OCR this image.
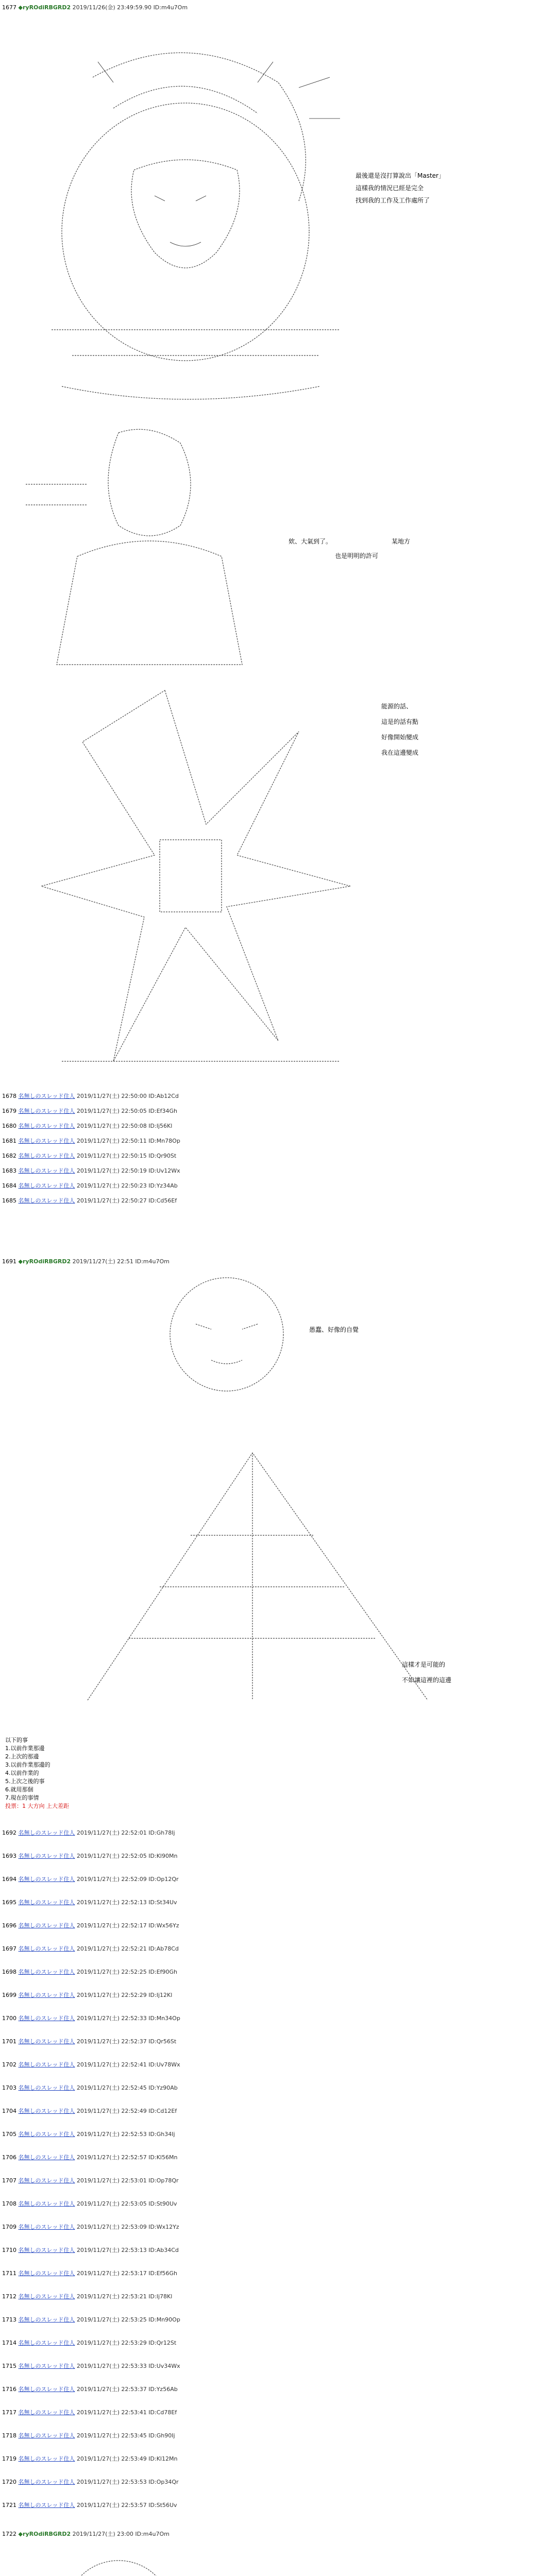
1677 ◆ryROdiRBGRD2 2019/11/26(金) 23:49:59.90 ID:m4u7Om
最後還是沒打算說出「Master」
這樣我的情況已經是完全
找到我的工作及工作處所了
欸、大氣到了。	某地方
也是明明的許可
能源的話、
這是的話有點
好像開始變成
我在這邊變成
1678 名無しのスレッド住人 2019/11/27(土) 22:50:00 ID:Ab12Cd
1679 名無しのスレッド住人 2019/11/27(土) 22:50:05 ID:Ef34Gh
1680 名無しのスレッド住人 2019/11/27(土) 22:50:08 ID:Ij56Kl
1681 名無しのスレッド住人 2019/11/27(土) 22:50:11 ID:Mn78Op
1682 名無しのスレッド住人 2019/11/27(土) 22:50:15 ID:Qr90St
1683 名無しのスレッド住人 2019/11/27(土) 22:50:19 ID:Uv12Wx
1684 名無しのスレッド住人 2019/11/27(土) 22:50:23 ID:Yz34Ab
1685 名無しのスレッド住人 2019/11/27(土) 22:50:27 ID:Cd56Ef
1691 ◆ryROdiRBGRD2 2019/11/27(土) 22:51 ID:m4u7Om
愚蠢、好像的自覺
這樣才是可能的
不如讓這裡的這邊
以下的事
1.以前作業那邊
2.上次的那邊
3.以前作業那邊的
4.以前作業的
5.上次之後的事
6.就用那個
7.現在的事情
投票：1 大方向 上大差距
1692 名無しのスレッド住人 2019/11/27(土) 22:52:01 ID:Gh78Ij
1693 名無しのスレッド住人 2019/11/27(土) 22:52:05 ID:Kl90Mn
1694 名無しのスレッド住人 2019/11/27(土) 22:52:09 ID:Op12Qr
1695 名無しのスレッド住人 2019/11/27(土) 22:52:13 ID:St34Uv
1696 名無しのスレッド住人 2019/11/27(土) 22:52:17 ID:Wx56Yz
1697 名無しのスレッド住人 2019/11/27(土) 22:52:21 ID:Ab78Cd
1698 名無しのスレッド住人 2019/11/27(土) 22:52:25 ID:Ef90Gh
1699 名無しのスレッド住人 2019/11/27(土) 22:52:29 ID:Ij12Kl
1700 名無しのスレッド住人 2019/11/27(土) 22:52:33 ID:Mn34Op
1701 名無しのスレッド住人 2019/11/27(土) 22:52:37 ID:Qr56St
1702 名無しのスレッド住人 2019/11/27(土) 22:52:41 ID:Uv78Wx
1703 名無しのスレッド住人 2019/11/27(土) 22:52:45 ID:Yz90Ab
1704 名無しのスレッド住人 2019/11/27(土) 22:52:49 ID:Cd12Ef
1705 名無しのスレッド住人 2019/11/27(土) 22:52:53 ID:Gh34Ij
1706 名無しのスレッド住人 2019/11/27(土) 22:52:57 ID:Kl56Mn
1707 名無しのスレッド住人 2019/11/27(土) 22:53:01 ID:Op78Qr
1708 名無しのスレッド住人 2019/11/27(土) 22:53:05 ID:St90Uv
1709 名無しのスレッド住人 2019/11/27(土) 22:53:09 ID:Wx12Yz
1710 名無しのスレッド住人 2019/11/27(土) 22:53:13 ID:Ab34Cd
1711 名無しのスレッド住人 2019/11/27(土) 22:53:17 ID:Ef56Gh
1712 名無しのスレッド住人 2019/11/27(土) 22:53:21 ID:Ij78Kl
1713 名無しのスレッド住人 2019/11/27(土) 22:53:25 ID:Mn90Op
1714 名無しのスレッド住人 2019/11/27(土) 22:53:29 ID:Qr12St
1715 名無しのスレッド住人 2019/11/27(土) 22:53:33 ID:Uv34Wx
1716 名無しのスレッド住人 2019/11/27(土) 22:53:37 ID:Yz56Ab
1717 名無しのスレッド住人 2019/11/27(土) 22:53:41 ID:Cd78Ef
1718 名無しのスレッド住人 2019/11/27(土) 22:53:45 ID:Gh90Ij
1719 名無しのスレッド住人 2019/11/27(土) 22:53:49 ID:Kl12Mn
1720 名無しのスレッド住人 2019/11/27(土) 22:53:53 ID:Op34Qr
1721 名無しのスレッド住人 2019/11/27(土) 22:53:57 ID:St56Uv
1722 ◆ryROdiRBGRD2 2019/11/27(土) 23:00 ID:m4u7Om
